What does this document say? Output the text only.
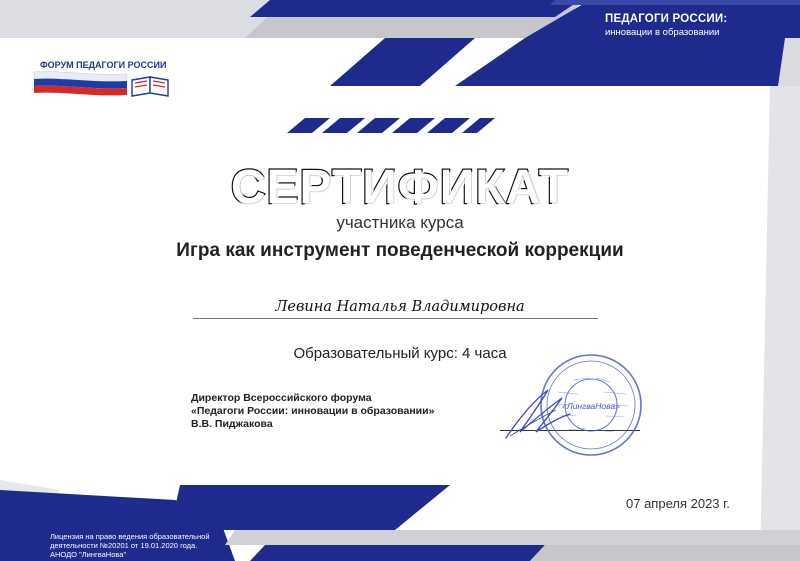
ПЕДАГОГИ РОССИИ:
инновации в образовании
ФОРУМ ПЕДАГОГИ РОССИИ
СЕРТИФИКАТ
участника курса
Игра как инструмент поведенческой коррекции
Левина Наталья Владимировна
Образовательный курс: 4 часа
Директор Всероссийского форума
«Педагоги России: инновации в образовании»
В.В. Пиджакова
«ЛингваНова»
07 апреля 2023 г.
Лицензия на право ведения образовательной
деятельности №20201 от 19.01.2020 года.
АНОДО "ЛингваНова"
